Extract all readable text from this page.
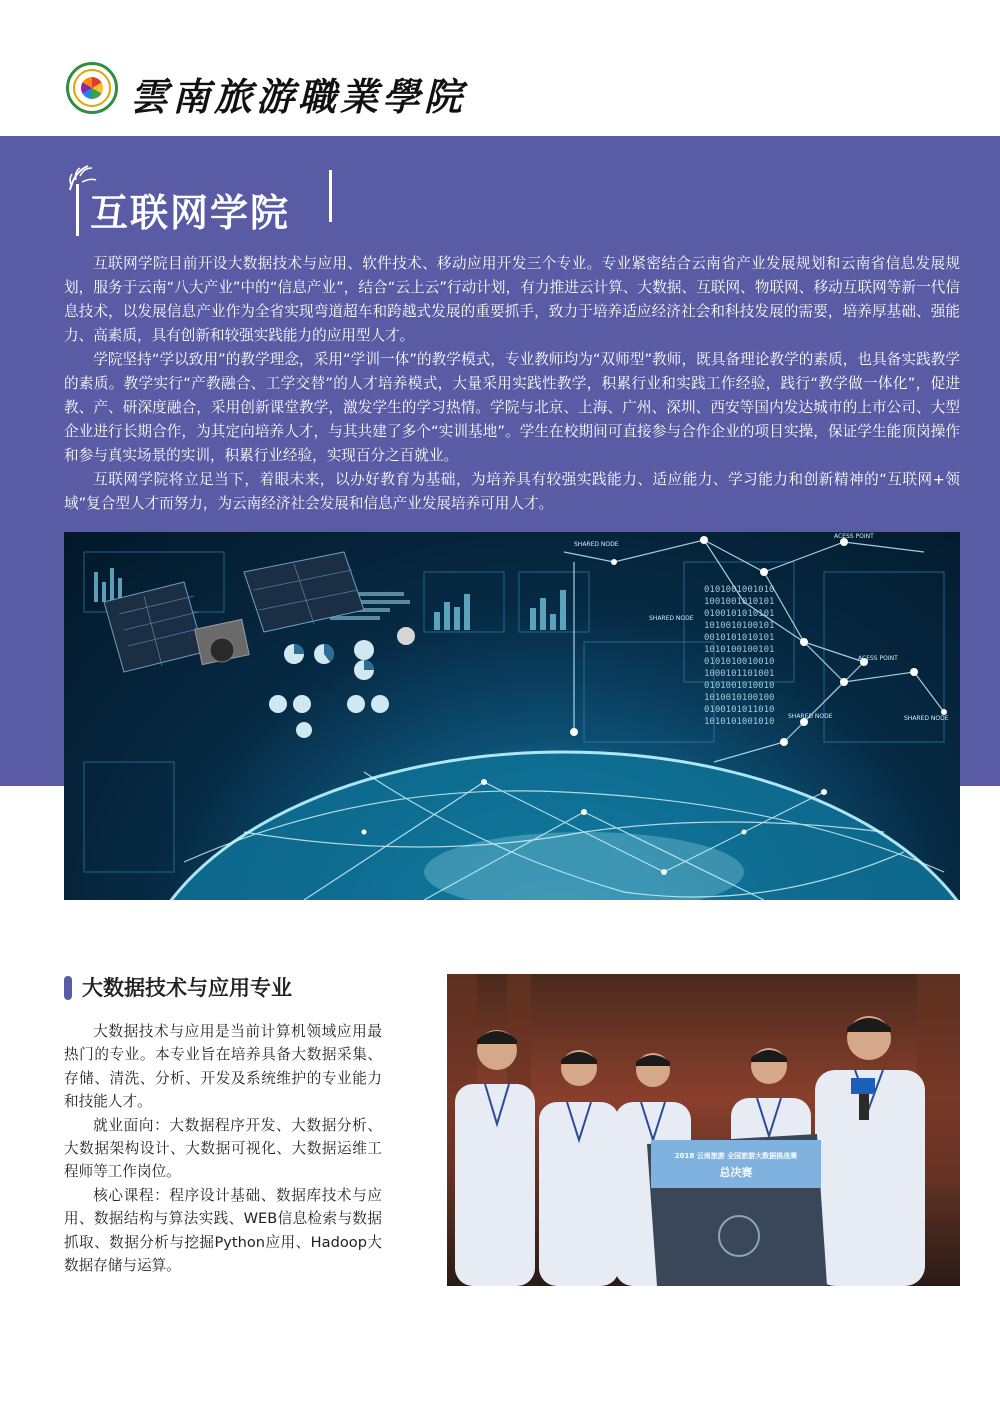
雲南旅游職業學院
互联网学院

互联网学院目前开设大数据技术与应用、软件技术、移动应用开发三个专业。专业紧密结合云南省产业发展规划和云南省信息发展规划，服务于云南“八大产业”中的“信息产业”，结合“云上云”行动计划，有力推进云计算、大数据、互联网、物联网、移动互联网等新一代信息技术，以发展信息产业作为全省实现弯道超车和跨越式发展的重要抓手，致力于培养适应经济社会和科技发展的需要，培养厚基础、强能力、高素质，具有创新和较强实践能力的应用型人才。

学院坚持“学以致用”的教学理念，采用“学训一体”的教学模式，专业教师均为“双师型”教师，既具备理论教学的素质，也具备实践教学的素质。教学实行“产教融合、工学交替”的人才培养模式，大量采用实践性教学，积累行业和实践工作经验，践行“教学做一体化”，促进教、产、研深度融合，采用创新课堂教学，激发学生的学习热情。学院与北京、上海、广州、深圳、西安等国内发达城市的上市公司、大型企业进行长期合作，为其定向培养人才，与其共建了多个“实训基地”。学生在校期间可直接参与合作企业的项目实操，保证学生能顶岗操作和参与真实场景的实训，积累行业经验，实现百分之百就业。

互联网学院将立足当下，着眼未来，以办好教育为基础，为培养具有较强实践能力、适应能力、学习能力和创新精神的“互联网+领域”复合型人才而努力，为云南经济社会发展和信息产业发展培养可用人才。

0101001001010
1001001010101
0100101010101
1010010100101
0010101010101
1010100100101
0101010010010
1000101101001
0101001010010
1010010100100
0100101011010
1010101001010
SHARED NODE
SHARED NODE
ACESS POINT
ACESS POINT
SHARED NODE	SHARED NODE
大数据技术与应用专业

大数据技术与应用是当前计算机领域应用最热门的专业。本专业旨在培养具备大数据采集、存储、清洗、分析、开发及系统维护的专业能力和技能人才。

就业面向：大数据程序开发、大数据分析、大数据架构设计、大数据可视化、大数据运维工程师等工作岗位。

核心课程：程序设计基础、数据库技术与应用、数据结构与算法实践、WEB信息检索与数据抓取、数据分析与挖掘Python应用、Hadoop大数据存储与运算。

2018 云南旅游 全国旅游大数据挑战赛
总决赛
